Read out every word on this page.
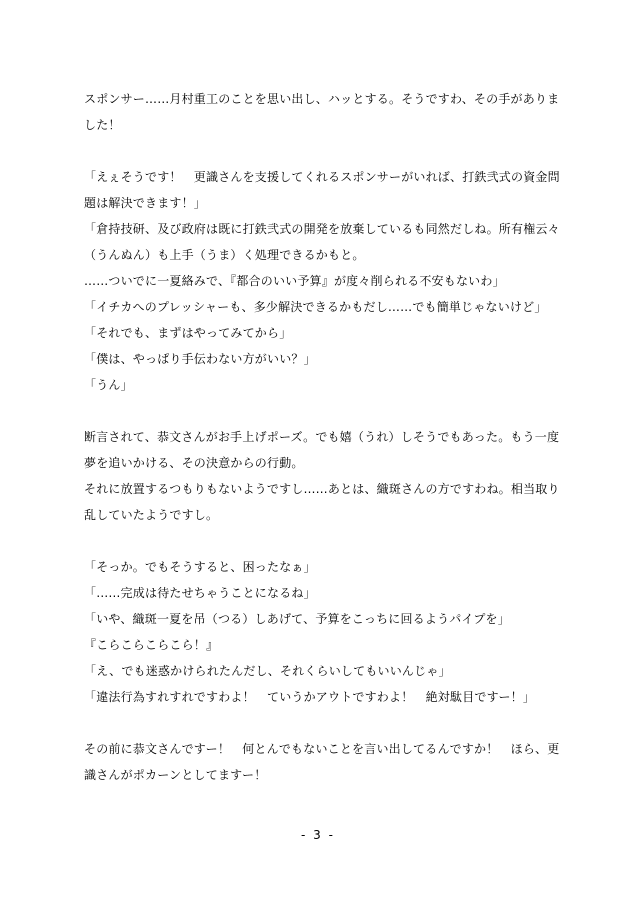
スポンサー……月村重工のことを思い出し、ハッとする。そうですわ、その手がありま
した！
「えぇそうです！　更識さんを支援してくれるスポンサーがいれば、打鉄弐式の資金問
題は解決できます！」
「倉持技研、及び政府は既に打鉄弐式の開発を放棄しているも同然だしね。所有権云々
（うんぬん）も上手（うま）く処理できるかもと。
……ついでに一夏絡みで、『都合のいい予算』が度々削られる不安もないわ」
「イチカへのプレッシャーも、多少解決できるかもだし……でも簡単じゃないけど」
「それでも、まずはやってみてから」
「僕は、やっぱり手伝わない方がいい？」
「うん」
断言されて、恭文さんがお手上げポーズ。でも嬉（うれ）しそうでもあった。もう一度
夢を追いかける、その決意からの行動。
それに放置するつもりもないようですし……あとは、織斑さんの方ですわね。相当取り
乱していたようですし。
「そっか。でもそうすると、困ったなぁ」
「……完成は待たせちゃうことになるね」
「いや、織斑一夏を吊（つる）しあげて、予算をこっちに回るようパイプを」
『こらこらこらこら！』
「え、でも迷惑かけられたんだし、それくらいしてもいいんじゃ」
「違法行為すれすれですわよ！　ていうかアウトですわよ！　絶対駄目ですー！」
その前に恭文さんですー！　何とんでもないことを言い出してるんですか！　ほら、更
識さんがポカーンとしてますー！
- 3 -
